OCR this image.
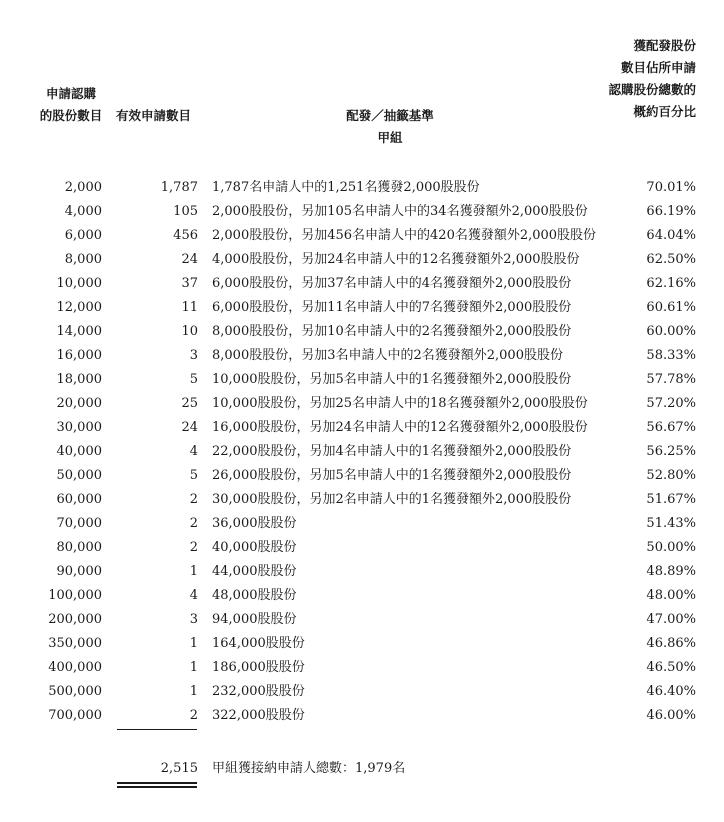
申請認購
的股份數目	有效申請數目	配發／抽籤基準
甲組
獲配發股份
數目佔所申請
認購股份總數的
概約百分比
2,000	1,787 1,787名申請人中的1,251名獲發2,000股股份	70.01%
4,000	105 2,000股股份，另加105名申請人中的34名獲發額外2,000股股份	66.19%
6,000	456 2,000股股份，另加456名申請人中的420名獲發額外2,000股股份	64.04%
8,000	24 4,000股股份，另加24名申請人中的12名獲發額外2,000股股份	62.50%
10,000	37 6,000股股份，另加37名申請人中的4名獲發額外2,000股股份	62.16%
12,000	11 6,000股股份，另加11名申請人中的7名獲發額外2,000股股份	60.61%
14,000	10 8,000股股份，另加10名申請人中的2名獲發額外2,000股股份	60.00%
16,000	3 8,000股股份，另加3名申請人中的2名獲發額外2,000股股份	58.33%
18,000	5 10,000股股份，另加5名申請人中的1名獲發額外2,000股股份	57.78%
20,000	25 10,000股股份，另加25名申請人中的18名獲發額外2,000股股份	57.20%
30,000	24 16,000股股份，另加24名申請人中的12名獲發額外2,000股股份	56.67%
40,000	4 22,000股股份，另加4名申請人中的1名獲發額外2,000股股份	56.25%
50,000	5 26,000股股份，另加5名申請人中的1名獲發額外2,000股股份	52.80%
60,000	2 30,000股股份，另加2名申請人中的1名獲發額外2,000股股份	51.67%
70,000	2 36,000股股份	51.43%
80,000	2 40,000股股份	50.00%
90,000	1 44,000股股份	48.89%
100,000	4 48,000股股份	48.00%
200,000	3 94,000股股份	47.00%
350,000	1 164,000股股份	46.86%
400,000	1 186,000股股份	46.50%
500,000	1 232,000股股份	46.40%
700,000	2 322,000股股份	46.00%
2,515 甲組獲接納申請人總數：1,979名
